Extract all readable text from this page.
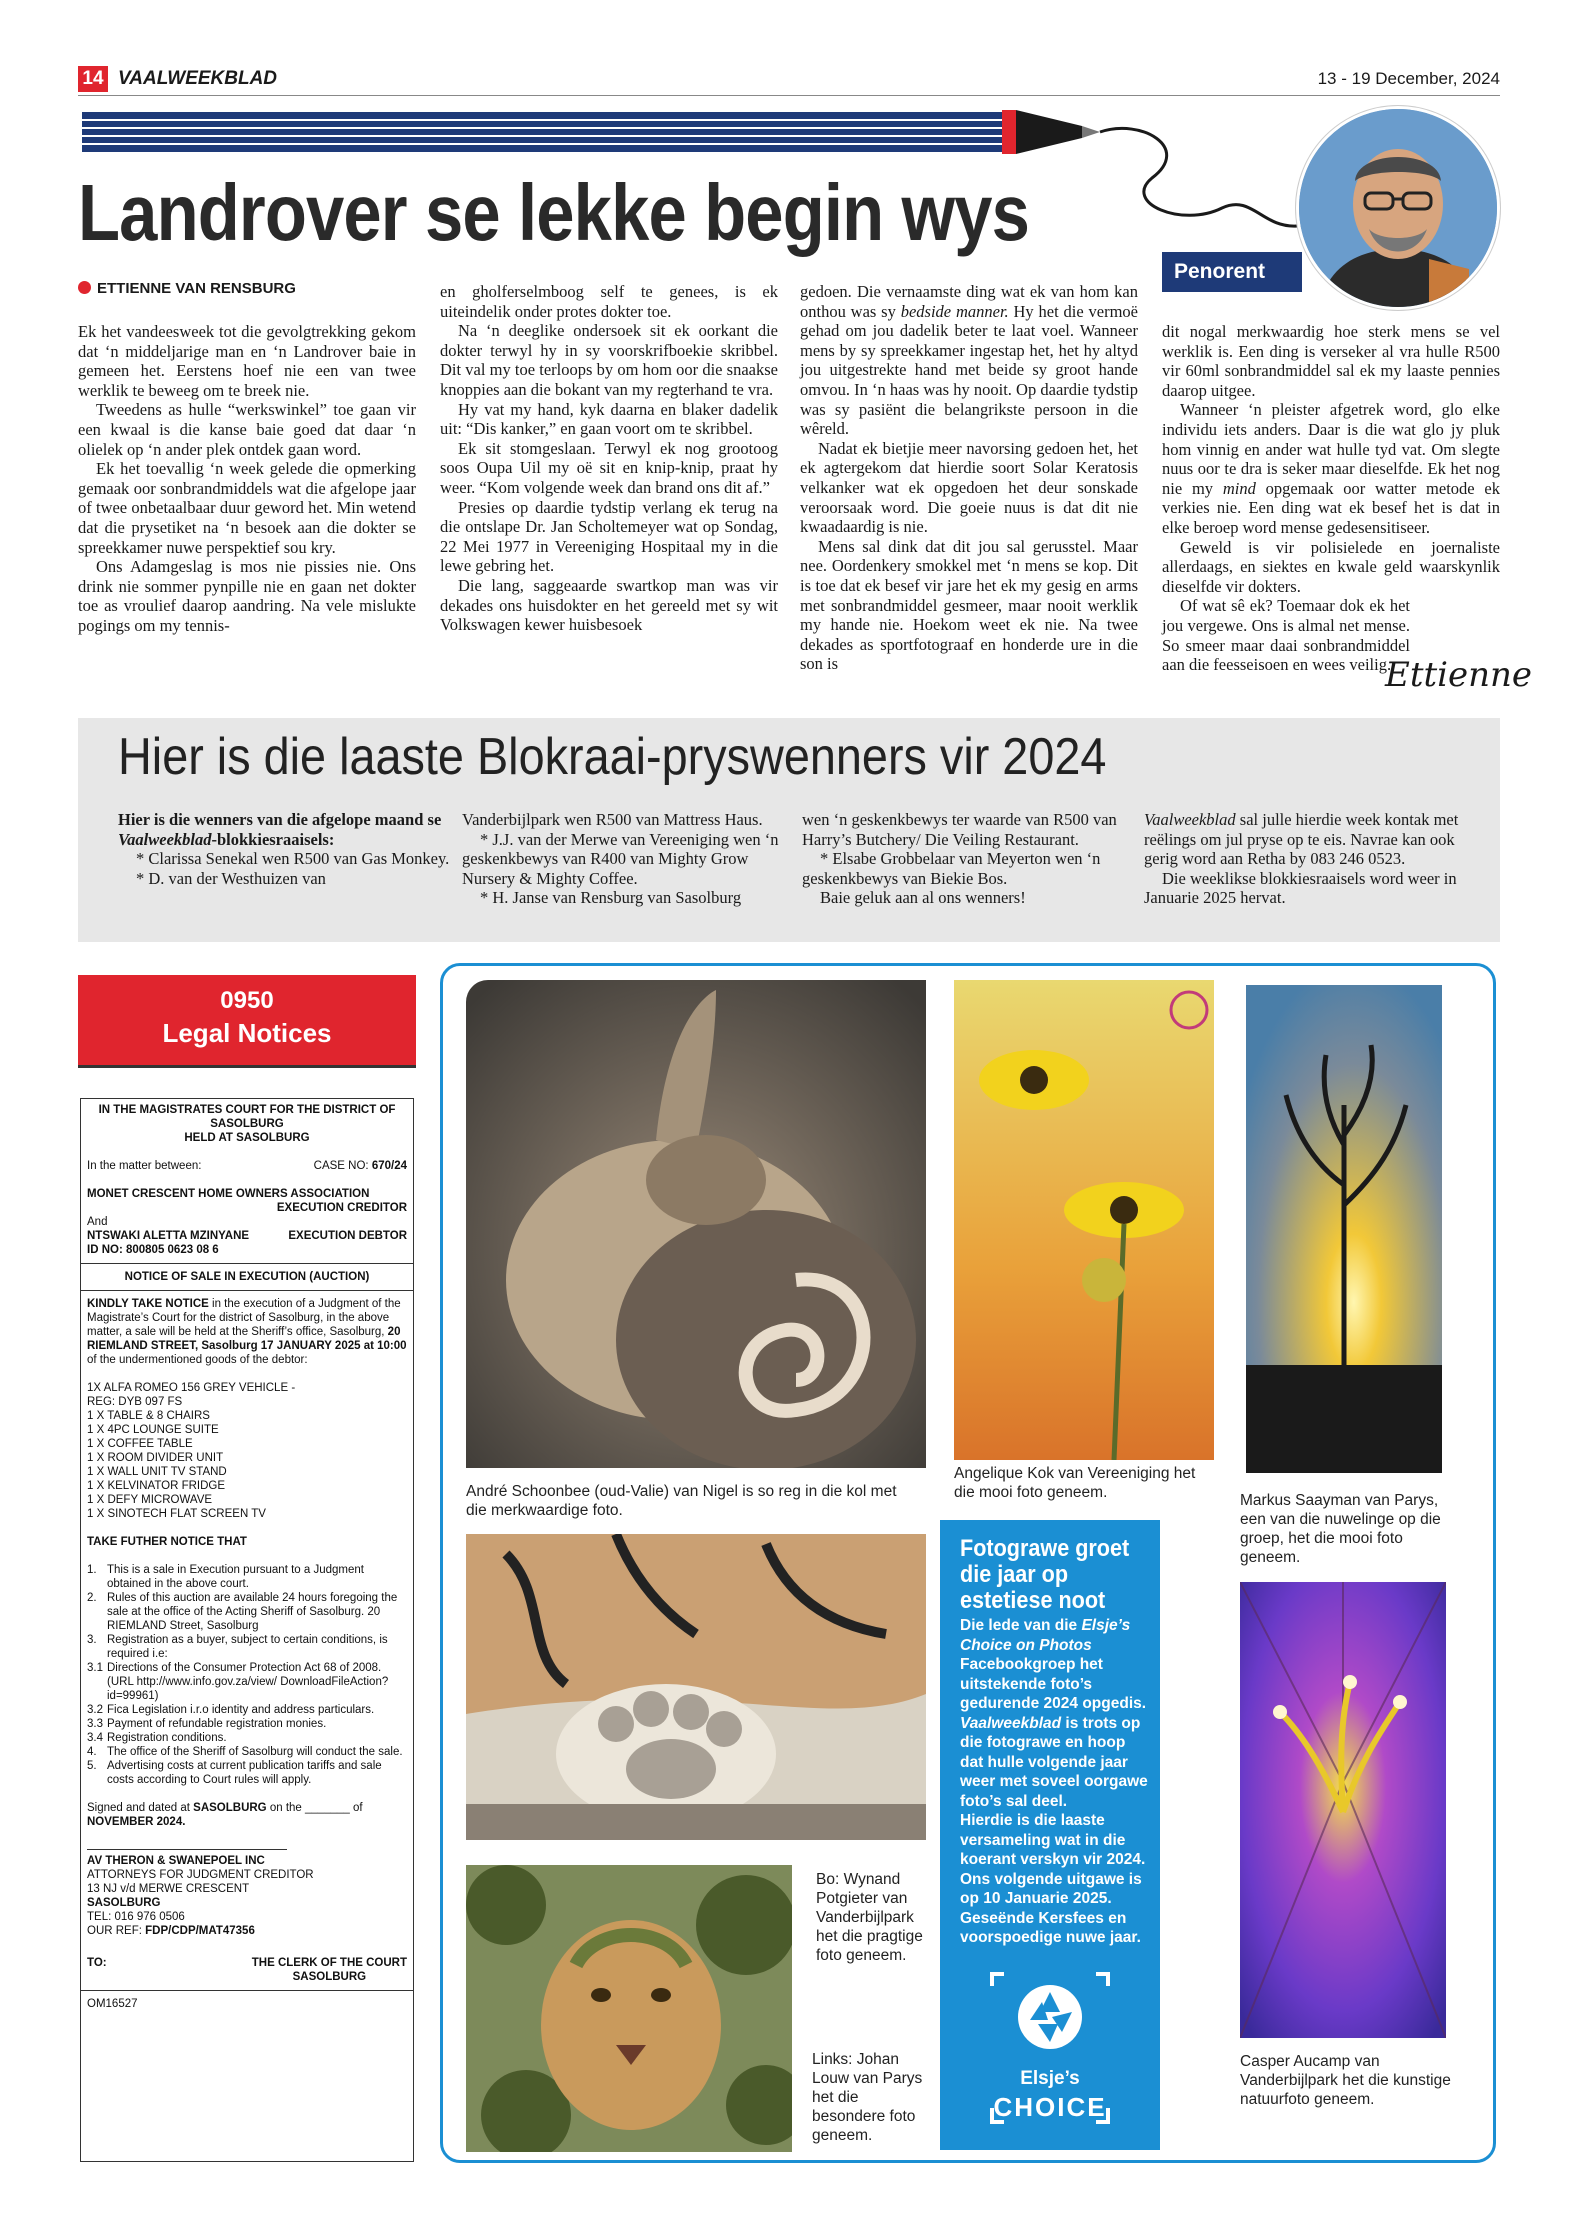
14 VAALWEEKBLAD	13 - 19 December, 2024
Landrover se lekke begin wys
Penorent
ETTIENNE VAN RENSBURG

Ek het vandeesweek tot die gevolgtrekking gekom dat ‘n middeljarige man en ‘n Landrover baie in gemeen het. Eerstens hoef nie een van twee werklik te beweeg om te breek nie.

Tweedens as hulle “werkswinkel” toe gaan vir een kwaal is die kanse baie goed dat daar ‘n olielek op ‘n ander plek ontdek gaan word.

Ek het toevallig ‘n week gelede die opmerking gemaak oor sonbrandmiddels wat die afgelope jaar of twee onbetaalbaar duur geword het. Min wetend dat die prysetiket na ‘n besoek aan die dokter se spreekkamer nuwe perspektief sou kry.

Ons Adamgeslag is mos nie pissies nie. Ons drink nie sommer pynpille nie en gaan net dokter toe as vroulief daarop aandring. Na vele mislukte pogings om my tennis-

en gholferselmboog self te genees, is ek uiteindelik onder protes dokter toe.

Na ‘n deeglike ondersoek sit ek oorkant die dokter terwyl hy in sy voorskrifboekie skribbel. Dit val my toe terloops by om hom oor die snaakse knoppies aan die bokant van my regterhand te vra.

Hy vat my hand, kyk daarna en blaker dadelik uit: “Dis kanker,” en gaan voort om te skribbel.

Ek sit stomgeslaan. Terwyl ek nog grootoog soos Oupa Uil my oë sit en knip-knip, praat hy weer. “Kom volgende week dan brand ons dit af.”

Presies op daardie tydstip verlang ek terug na die ontslape Dr. Jan Scholtemeyer wat op Sondag, 22 Mei 1977 in Vereeniging Hospitaal my in die lewe gebring het.

Die lang, saggeaarde swartkop man was vir dekades ons huisdokter en het gereeld met sy wit Volkswagen kewer huisbesoek

gedoen. Die vernaamste ding wat ek van hom kan onthou was sy bedside manner. Hy het die vermoë gehad om jou dadelik beter te laat voel. Wanneer mens by sy spreekkamer ingestap het, het hy altyd jou uitgestrekte hand met beide sy groot hande omvou. In ‘n haas was hy nooit. Op daardie tydstip was sy pasiënt die belangrikste persoon in die wêreld.

Nadat ek bietjie meer navorsing gedoen het, het ek agtergekom dat hierdie soort Solar Keratosis velkanker wat ek opgedoen het deur sonskade veroorsaak word. Die goeie nuus is dat dit nie kwaadaardig is nie.

Mens sal dink dat dit jou sal gerusstel. Maar nee. Oordenkery smokkel met ‘n mens se kop. Dit is toe dat ek besef vir jare het ek my gesig en arms met sonbrandmiddel gesmeer, maar nooit werklik my hande nie. Hoekom weet ek nie. Na twee dekades as sportfotograaf en honderde ure in die son is

dit nogal merkwaardig hoe sterk mens se vel werklik is. Een ding is verseker al vra hulle R500 vir 60ml sonbrandmiddel sal ek my laaste pennies daarop uitgee.

Wanneer ‘n pleister afgetrek word, glo elke individu iets anders. Daar is die wat glo jy pluk hom vinnig en ander wat hulle tyd vat. Om slegte nuus oor te dra is seker maar dieselfde. Ek het nog nie my mind opgemaak oor watter metode ek verkies nie. Een ding wat ek besef het is dat in elke beroep word mense gedesensitiseer.

Geweld is vir polisielede en joernaliste allerdaags, en siektes en kwale geld waarskynlik dieselfde vir dokters.

Of wat sê ek? Toemaar dok ek het jou vergewe. Ons is almal net mense. So smeer maar daai sonbrandmiddel aan die feesseisoen en wees veilig.

Ettienne
Hier is die laaste Blokraai-pryswenners vir 2024

Hier is die wenners van die afgelope maand se Vaalweekblad-blokkiesraaisels:

* Clarissa Senekal wen R500 van Gas Monkey.

* D. van der Westhuizen van

Vanderbijlpark wen R500 van Mattress Haus.

* J.J. van der Merwe van Vereeniging wen ‘n geskenkbewys van R400 van Mighty Grow Nursery & Mighty Coffee.

* H. Janse van Rensburg van Sasolburg

wen ‘n geskenkbewys ter waarde van R500 van Harry’s Butchery/ Die Veiling Restaurant.

* Elsabe Grobbelaar van Meyerton wen ‘n geskenkbewys van Biekie Bos.

Baie geluk aan al ons wenners!

Vaalweekblad sal julle hierdie week kontak met reëlings om jul pryse op te eis. Navrae kan ook gerig word aan Retha by 083 246 0523.

Die weeklikse blokkiesraaisels word weer in Januarie 2025 hervat.

0950
Legal Notices

IN THE MAGISTRATES COURT FOR THE DISTRICT OF SASOLBURG

HELD AT SASOLBURG

In the matter between:	CASE NO: 670/24

MONET CRESCENT HOME OWNERS ASSOCIATION

EXECUTION CREDITOR

And

NTSWAKI ALETTA MZINYANE	EXECUTION DEBTOR

ID NO: 800805 0623 08 6

NOTICE OF SALE IN EXECUTION (AUCTION)

KINDLY TAKE NOTICE in the execution of a Judgment of the Magistrate’s Court for the district of Sasolburg, in the above matter, a sale will be held at the Sheriff’s office, Sasolburg, 20 RIEMLAND STREET, Sasolburg 17 JANUARY 2025 at 10:00 of the undermentioned goods of the debtor:

1X ALFA ROMEO 156 GREY VEHICLE -

REG: DYB 097 FS

1 X TABLE & 8 CHAIRS

1 X 4PC LOUNGE SUITE

1 X COFFEE TABLE

1 X ROOM DIVIDER UNIT

1 X WALL UNIT TV STAND

1 X KELVINATOR FRIDGE

1 X DEFY MICROWAVE

1 X SINOTECH FLAT SCREEN TV

TAKE FUTHER NOTICE THAT

1. This is a sale in Execution pursuant to a Judgment obtained in the above court.
2. Rules of this auction are available 24 hours foregoing the sale at the office of the Acting Sheriff of Sasolburg. 20 RIEMLAND Street, Sasolburg
3. Registration as a buyer, subject to certain conditions, is required i.e:
3.1 Directions of the Consumer Protection Act 68 of 2008. (URL http://www.info.gov.za/view/ DownloadFileAction?id=99961)
3.2 Fica Legislation i.r.o identity and address particulars.
3.3 Payment of refundable registration monies.
3.4 Registration conditions.
4. The office of the Sheriff of Sasolburg will conduct the sale.
5. Advertising costs at current publication tariffs and sale costs according to Court rules will apply.

Signed and dated at SASOLBURG on the _______ of NOVEMBER 2024.

AV THERON & SWANEPOEL INC

ATTORNEYS FOR JUDGMENT CREDITOR

13 NJ v/d MERWE CRESCENT

SASOLBURG

TEL: 016 976 0506

OUR REF: FDP/CDP/MAT47356

TO:	THE CLERK OF THE COURT
SASOLBURG

OM16527

André Schoonbee (oud-Valie) van Nigel is so reg in die kol met die merkwaardige foto.
Angelique Kok van Vereeniging het die mooi foto geneem.	Markus Saayman van Parys, een van die nuwelinge op die groep, het die mooi foto geneem.
Bo: Wynand Potgieter van Vanderbijlpark het die pragtige foto geneem.
Links: Johan Louw van Parys het die besondere foto geneem.
Fotograwe groet die jaar op estetiese noot
Die lede van die Elsje’s Choice on Photos Facebookgroep het uitstekende foto’s gedurende 2024 opgedis. Vaalweekblad is trots op die fotograwe en hoop dat hulle volgende jaar weer met soveel oorgawe foto’s sal deel.
Hierdie is die laaste versameling wat in die koerant verskyn vir 2024. Ons volgende uitgawe is op 10 Januarie 2025. Geseënde Kersfees en voorspoedige nuwe jaar.
Elsje’s
CHOICE
Casper Aucamp van Vanderbijlpark het die kunstige natuurfoto geneem.
